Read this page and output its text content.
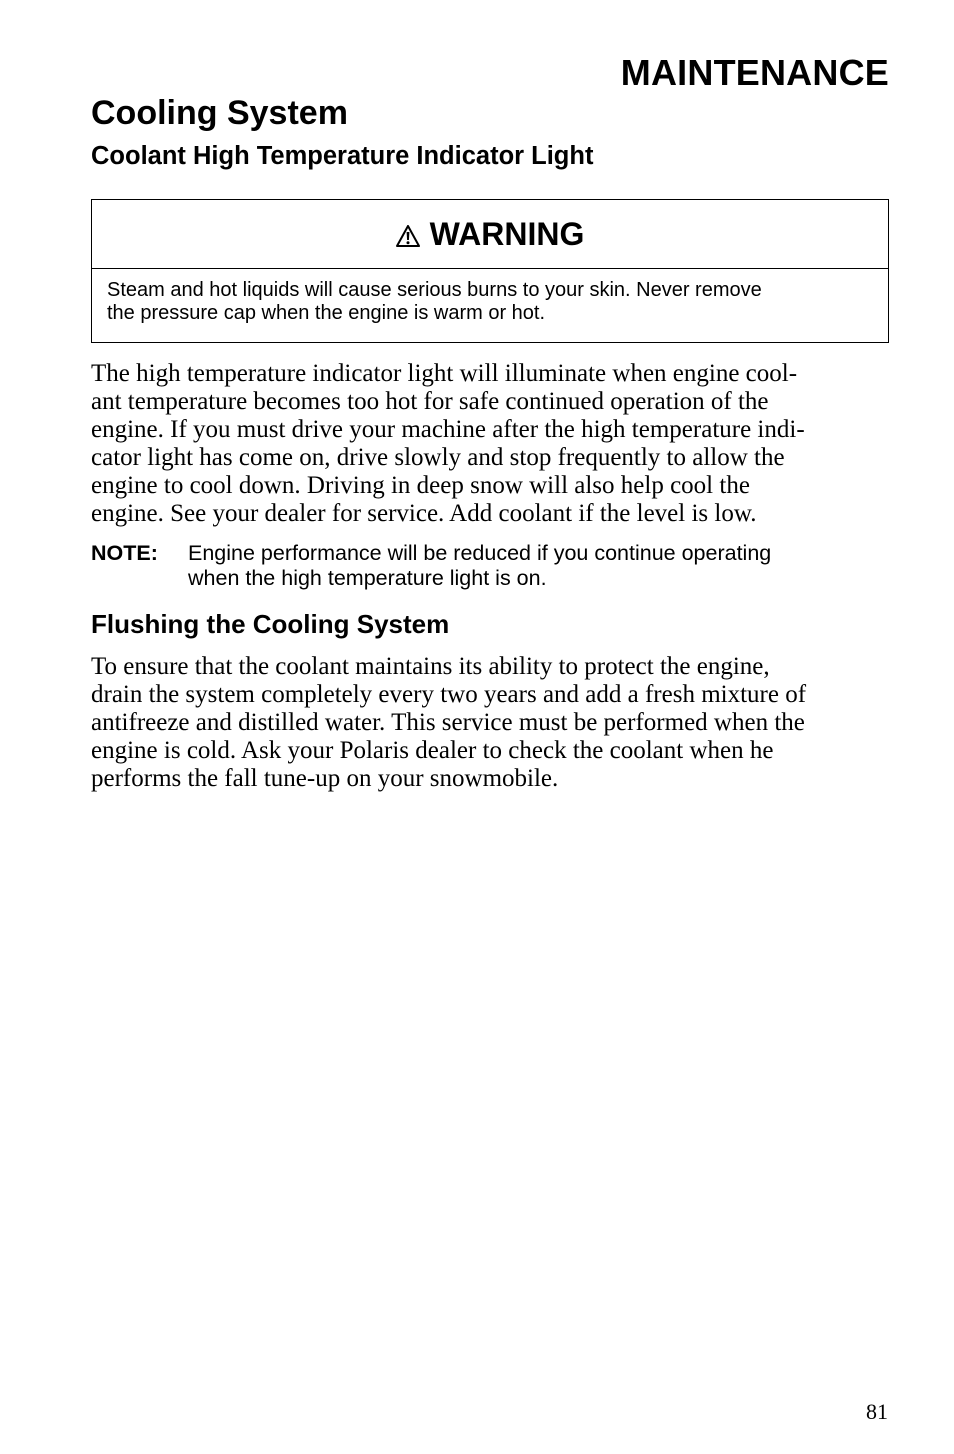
MAINTENANCE
Cooling System
Coolant High Temperature Indicator Light
WARNING
Steam and hot liquids will cause serious burns to your skin. Never remove
the pressure cap when the engine is warm or hot.
The high temperature indicator light will illuminate when engine cool-
ant temperature becomes too hot for safe continued operation of the
engine. If you must drive your machine after the high temperature indi-
cator light has come on, drive slowly and stop frequently to allow the
engine to cool down. Driving in deep snow will also help cool the
engine. See your dealer for service. Add coolant if the level is low.
NOTE:	Engine performance will be reduced if you continue operating
when the high temperature light is on.
Flushing the Cooling System
To ensure that the coolant maintains its ability to protect the engine,
drain the system completely every two years and add a fresh mixture of
antifreeze and distilled water. This service must be performed when the
engine is cold. Ask your Polaris dealer to check the coolant when he
performs the fall tune-up on your snowmobile.
81
